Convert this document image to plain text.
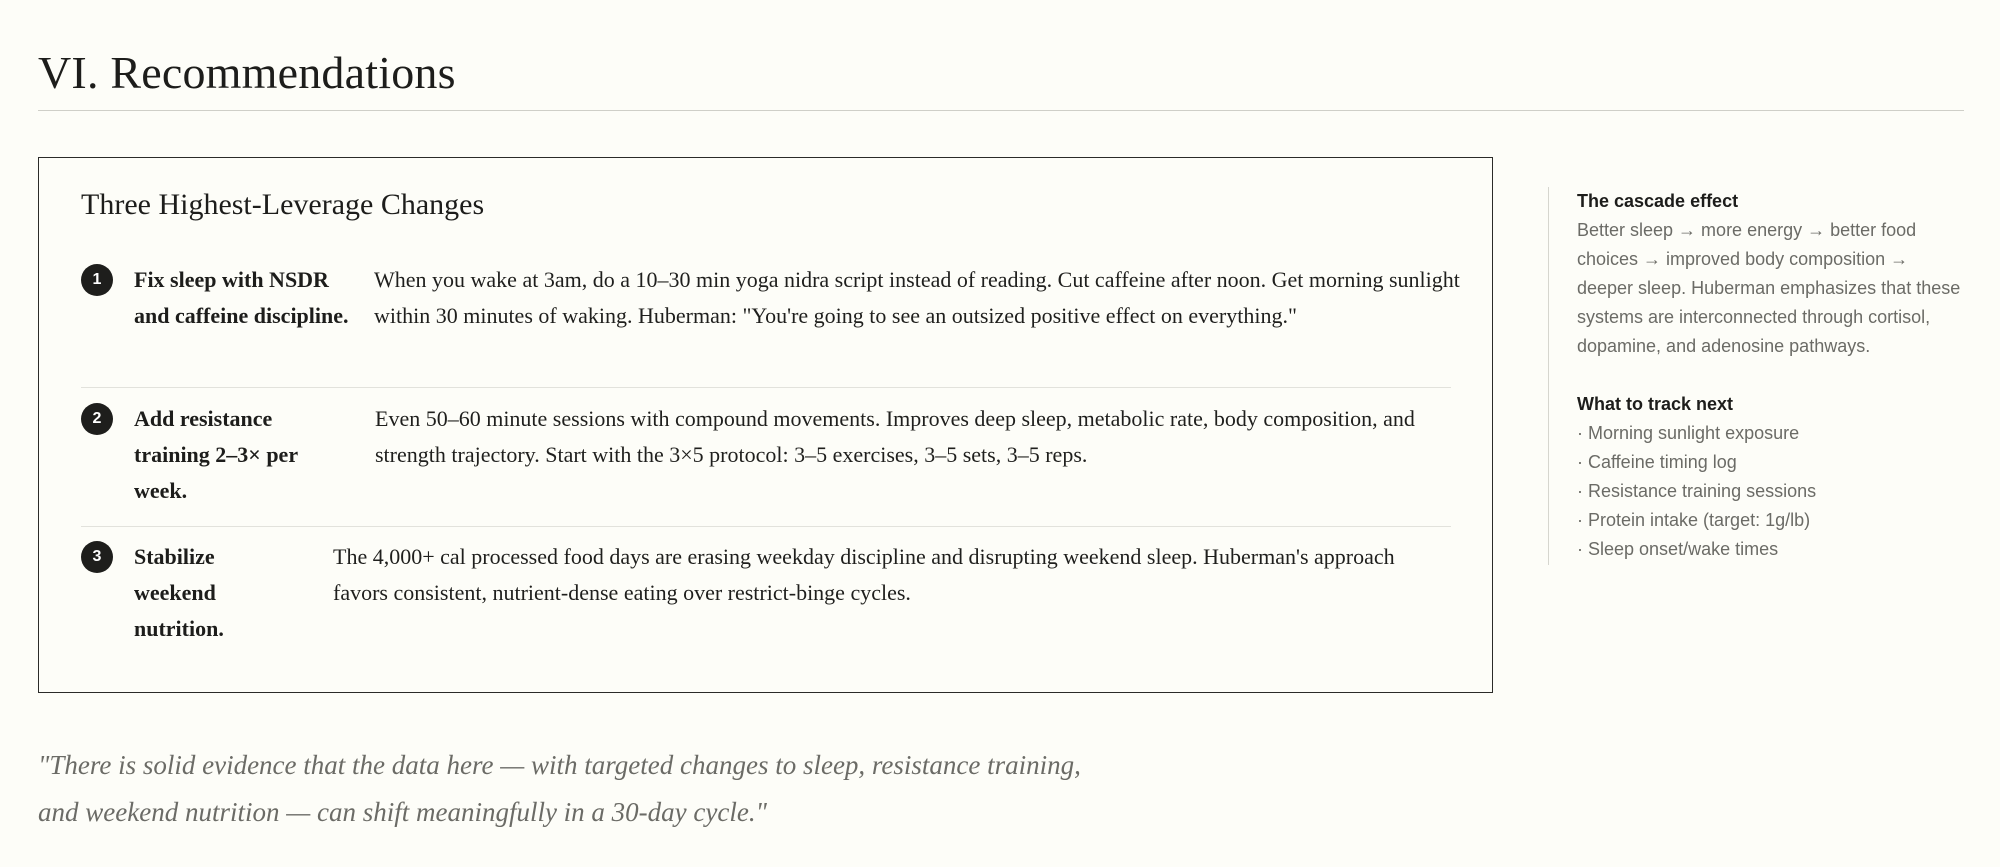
VI. Recommendations
Three Highest-Leverage Changes
1	Fix sleep with NSDR and caffeine discipline.
When you wake at 3am, do a 10–30 min yoga nidra script instead of reading. Cut caffeine after noon. Get morning sunlight within 30 minutes of waking. Huberman: "You're going to see an outsized positive effect on everything."
2	Add resistance training 2–3× per week.
Even 50–60 minute sessions with compound movements. Improves deep sleep, metabolic rate, body composition, and strength trajectory. Start with the 3×5 protocol: 3–5 exercises, 3–5 sets, 3–5 reps.
3	Stabilize weekend nutrition.
The 4,000+ cal processed food days are erasing weekday discipline and disrupting weekend sleep. Huberman's approach favors consistent, nutrient-dense eating over restrict-binge cycles.

The cascade effect

Better sleep → more energy → better food choices → improved body composition → deeper sleep. Huberman emphasizes that these systems are interconnected through cortisol, dopamine, and adenosine pathways.

What to track next

· Morning sunlight exposure
· Caffeine timing log
· Resistance training sessions
· Protein intake (target: 1g/lb)
· Sleep onset/wake times

"There is solid evidence that the data here — with targeted changes to sleep, resistance training, and weekend nutrition — can shift meaningfully in a 30-day cycle."
